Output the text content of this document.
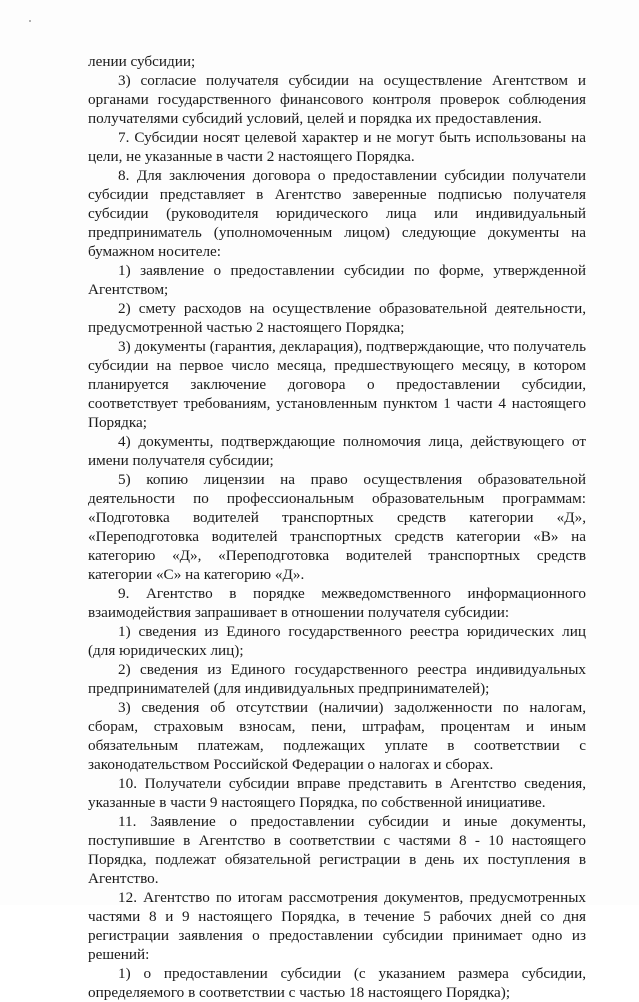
лении субсидии;

3) согласие получателя субсидии на осуществление Агентством и органами государственного финансового контроля проверок соблюдения получателями субсидий условий, целей и порядка их предоставления.

7. Субсидии носят целевой характер и не могут быть использованы на цели, не указанные в части 2 настоящего Порядка.

8. Для заключения договора о предоставлении субсидии получатели субсидии представляет в Агентство заверенные подписью получателя субсидии (руководителя юридического лица или индивидуальный предприниматель (уполномоченным лицом) следующие документы на бумажном носителе:

1) заявление о предоставлении субсидии по форме, утвержденной Агентством;

2) смету расходов на осуществление образовательной деятельности, предусмотренной частью 2 настоящего Порядка;

3) документы (гарантия, декларация), подтверждающие, что получатель субсидии на первое число месяца, предшествующего месяцу, в котором планируется заключение договора о предоставлении субсидии, соответствует требованиям, установленным пунктом 1 части 4 настоящего Порядка;

4) документы, подтверждающие полномочия лица, действующего от имени получателя субсидии;

5) копию лицензии на право осуществления образовательной деятельности по профессиональным образовательным программам: «Подготовка водителей транспортных средств категории «Д», «Переподготовка водителей транспортных средств категории «В» на категорию «Д», «Переподготовка водителей транспортных средств категории «С» на категорию «Д».

9. Агентство в порядке межведомственного информационного взаимодействия запрашивает в отношении получателя субсидии:

1) сведения из Единого государственного реестра юридических лиц (для юридических лиц);

2) сведения из Единого государственного реестра индивидуальных предпринимателей (для индивидуальных предпринимателей);

3) сведения об отсутствии (наличии) задолженности по налогам, сборам, страховым взносам, пени, штрафам, процентам и иным обязательным платежам, подлежащих уплате в соответствии с законодательством Российской Федерации о налогах и сборах.

10. Получатели субсидии вправе представить в Агентство сведения, указанные в части 9 настоящего Порядка, по собственной инициативе.

11. Заявление о предоставлении субсидии и иные документы, поступившие в Агентство в соответствии с частями 8 - 10 настоящего Порядка, подлежат обязательной регистрации в день их поступления в Агентство.

12. Агентство по итогам рассмотрения документов, предусмотренных частями 8 и 9 настоящего Порядка, в течение 5 рабочих дней со дня регистрации заявления о предоставлении субсидии принимает одно из решений:

1) о предоставлении субсидии (с указанием размера субсидии, определяемого в соответствии с частью 18 настоящего Порядка);
